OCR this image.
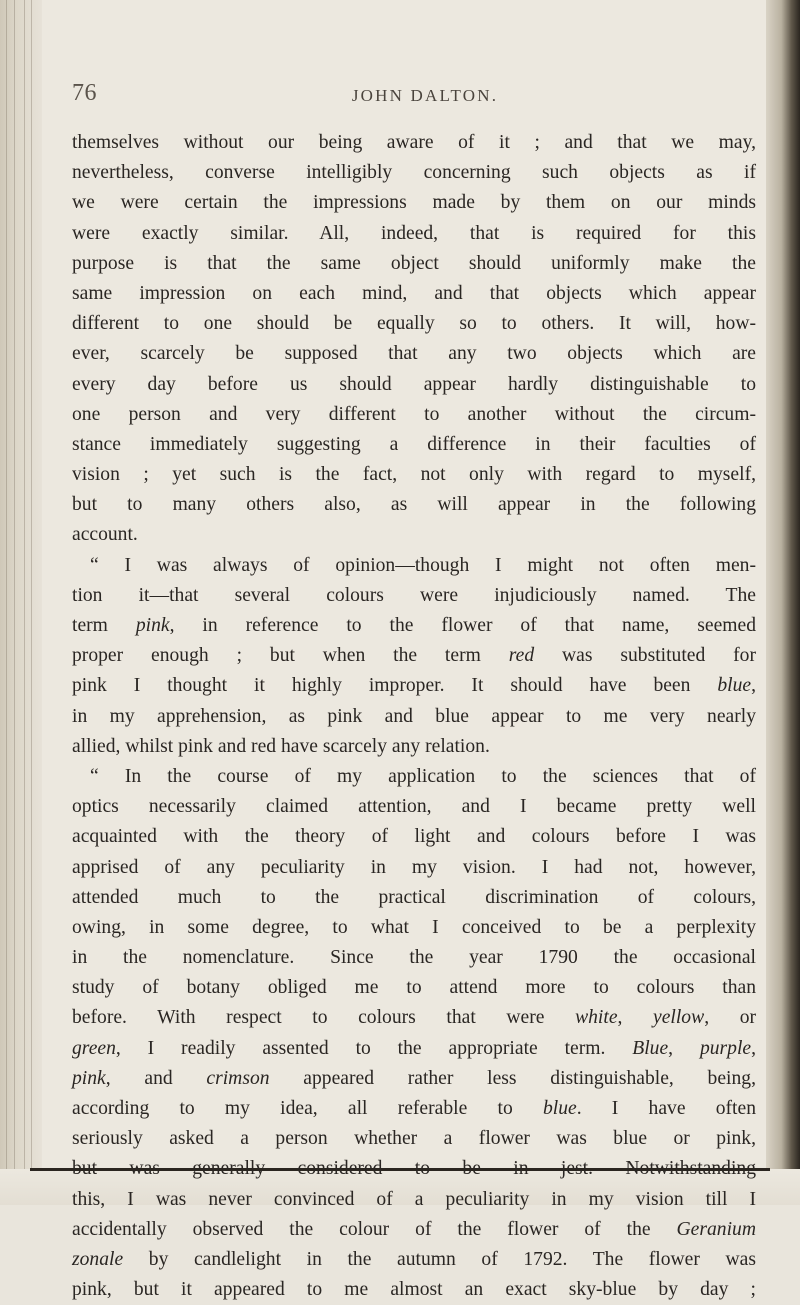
76	JOHN DALTON.
themselves without our being aware of it ; and that we may,
nevertheless, converse intelligibly concerning such objects as if
we were certain the impressions made by them on our minds
were exactly similar. All, indeed, that is required for this
purpose is that the same object should uniformly make the
same impression on each mind, and that objects which appear
different to one should be equally so to others. It will, how-
ever, scarcely be supposed that any two objects which are
every day before us should appear hardly distinguishable to
one person and very different to another without the circum-
stance immediately suggesting a difference in their faculties of
vision ; yet such is the fact, not only with regard to myself,
but to many others also, as will appear in the following
account.
“ I was always of opinion—though I might not often men-
tion it—that several colours were injudiciously named. The
term pink, in reference to the flower of that name, seemed
proper enough ; but when the term red was substituted for
pink I thought it highly improper. It should have been blue,
in my apprehension, as pink and blue appear to me very nearly
allied, whilst pink and red have scarcely any relation.
“ In the course of my application to the sciences that of
optics necessarily claimed attention, and I became pretty well
acquainted with the theory of light and colours before I was
apprised of any peculiarity in my vision. I had not, however,
attended much to the practical discrimination of colours,
owing, in some degree, to what I conceived to be a perplexity
in the nomenclature. Since the year 1790 the occasional
study of botany obliged me to attend more to colours than
before. With respect to colours that were white, yellow, or
green, I readily assented to the appropriate term. Blue, purple,
pink, and crimson appeared rather less distinguishable, being,
according to my idea, all referable to blue. I have often
seriously asked a person whether a flower was blue or pink,
but was generally considered to be in jest. Notwithstanding
this, I was never convinced of a peculiarity in my vision till I
accidentally observed the colour of the flower of the Geranium
zonale by candlelight in the autumn of 1792. The flower was
pink, but it appeared to me almost an exact sky-blue by day ;
